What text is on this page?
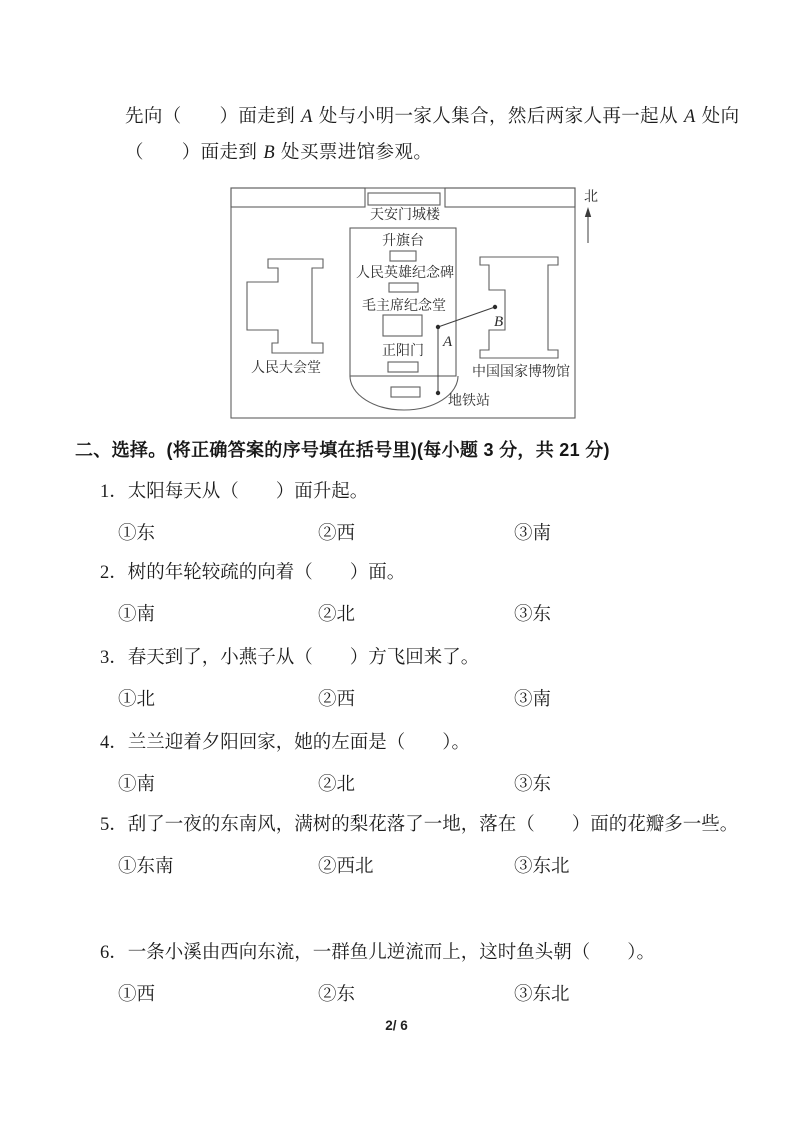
先向（　　）面走到 A 处与小明一家人集合，然后两家人再一起从 A 处向
（　　）面走到 B 处买票进馆参观。
天安门城楼
升旗台
人民英雄纪念碑
毛主席纪念堂
正阳门
地铁站
人民大会堂	中国国家博物馆
A
B
北
二、选择。(将正确答案的序号填在括号里)(每小题 3 分，共 21 分)
1．太阳每天从（　　）面升起。
①东	②西	③南
2．树的年轮较疏的向着（　　）面。
①南	②北	③东
3．春天到了，小燕子从（　　）方飞回来了。
①北	②西	③南
4．兰兰迎着夕阳回家，她的左面是（　　）。
①南	②北	③东
5．刮了一夜的东南风，满树的梨花落了一地，落在（　　）面的花瓣多一些。
①东南	②西北	③东北
6．一条小溪由西向东流，一群鱼儿逆流而上，这时鱼头朝（　　）。
①西	②东	③东北
2/ 6
